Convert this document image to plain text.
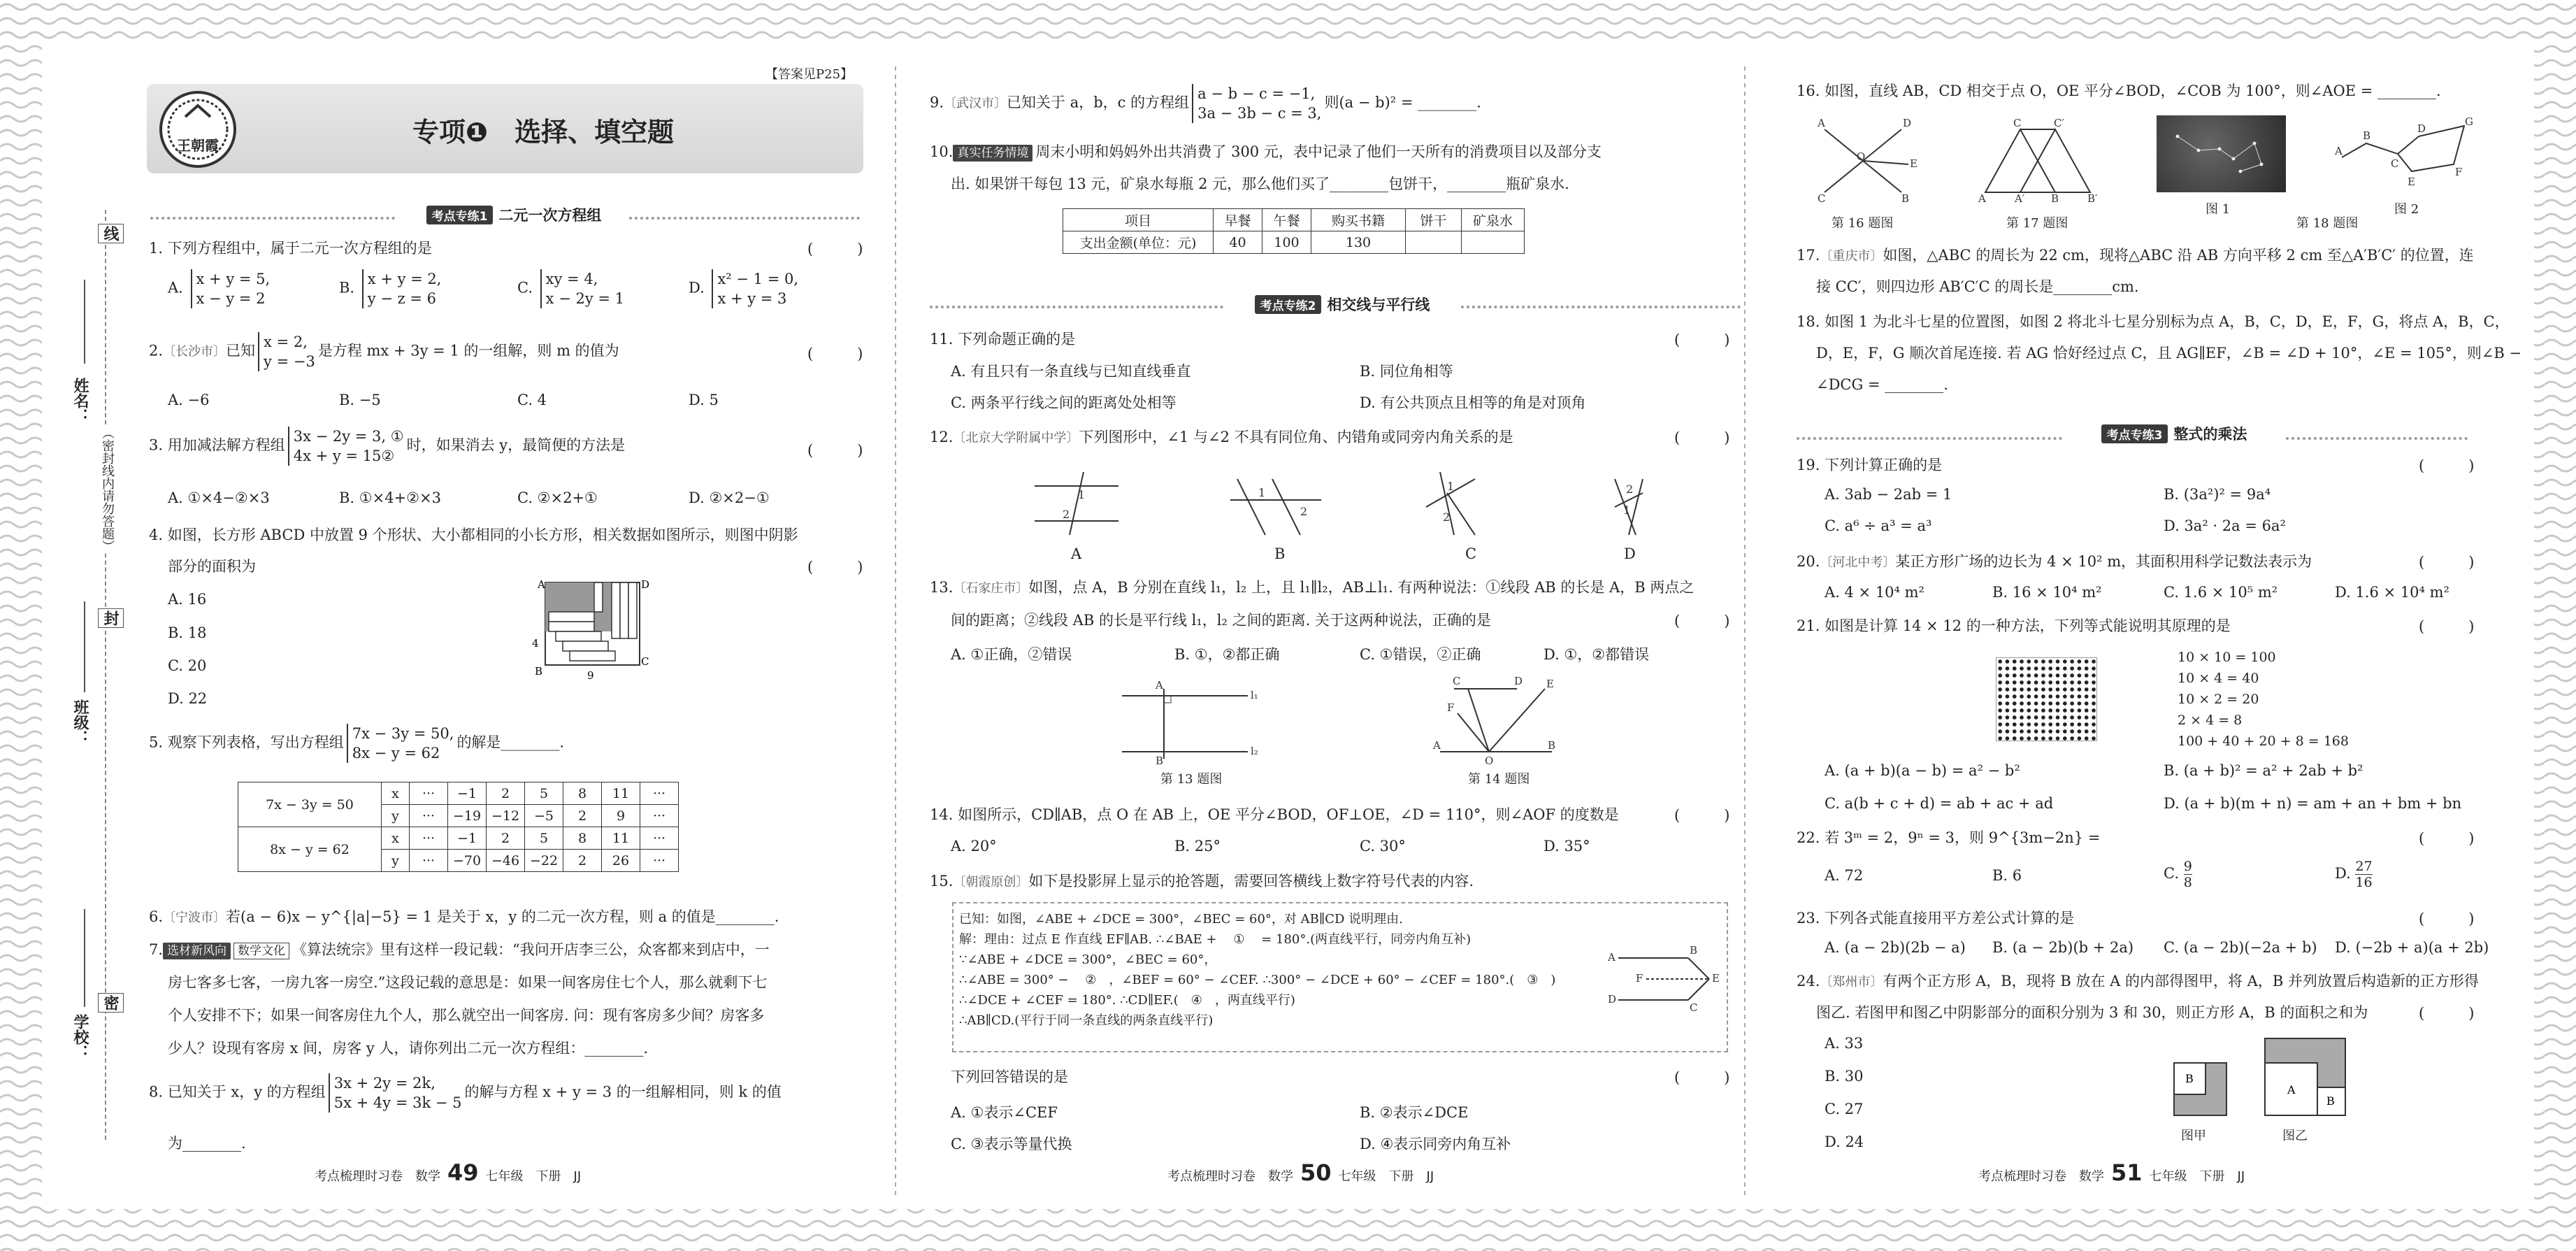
线
封
密
（密封线内请勿答题）
姓名：
班级：
学校：
【答案见P25】
王朝霞	专项❶　选择、填空题
考点专练1 二元一次方程组
1. 下列方程组中，属于二元一次方程组的是	(　　　)
A. x + y = 5,
x − y = 2
B. x + y = 2,
y − z = 6
C. xy = 4,
x − 2y = 1
D. x² − 1 = 0,
x + y = 3
2.〔长沙市〕已知x = 2,
y = −3是方程 mx + 3y = 1 的一组解，则 m 的值为	(　　　)
A. −6	B. −5	C. 4	D. 5
3. 用加减法解方程组3x − 2y = 3, ①
4x + y = 15②时，如果消去 y，最简便的方法是	(　　　)
A. ①×4−②×3	B. ①×4+②×3	C. ②×2+①	D. ②×2−①
4. 如图，长方形 ABCD 中放置 9 个形状、大小都相同的小长方形，相关数据如图所示，则图中阴影
部分的面积为	(　　　)
A. 16
B. 18
C. 20
D. 22
D
A
B
C
4
9
5. 观察下列表格，写出方程组7x − 3y = 50,
8x − y = 62的解是________.
7x − 3y = 50	x	···	−1	2	5	8	11	···
	y	···	−19	−12	−5	2	9	···
8x − y = 62	x	···	−1	2	5	8	11	···
	y	···	−70	−46	−22	2	26	···
6.〔宁波市〕若(a − 6)x − y^{|a|−5} = 1 是关于 x，y 的二元一次方程，则 a 的值是________.
7. 选材新风向 数学文化 《算法统宗》里有这样一段记载：“我问开店李三公，众客都来到店中，一
房七客多七客，一房九客一房空.”这段记载的意思是：如果一间客房住七个人，那么就剩下七
个人安排不下；如果一间客房住九个人，那么就空出一间客房. 问：现有客房多少间？房客多
少人？设现有客房 x 间，房客 y 人，请你列出二元一次方程组：________.
8. 已知关于 x，y 的方程组3x + 2y = 2k,
5x + 4y = 3k − 5的解与方程 x + y = 3 的一组解相同，则 k 的值
为________.
考点梳理时习卷　数学 49 七年级　下册　JJ
9.〔武汉市〕已知关于 a，b，c 的方程组a − b − c = −1,
3a − 3b − c = 3,则(a − b)² = ________.
10. 真实任务情境 周末小明和妈妈外出共消费了 300 元，表中记录了他们一天所有的消费项目以及部分支
出. 如果饼干每包 13 元，矿泉水每瓶 2 元，那么他们买了________包饼干，________瓶矿泉水.
项目	早餐	午餐	购买书籍	饼干	矿泉水
支出金额(单位：元)	40	100	130		
考点专练2 相交线与平行线
11. 下列命题正确的是	(　　　)
A. 有且只有一条直线与已知直线垂直	B. 同位角相等
C. 两条平行线之间的距离处处相等	D. 有公共顶点且相等的角是对顶角
12.〔北京大学附属中学〕下列图形中，∠1 与∠2 不具有同位角、内错角或同旁内角关系的是	(　　　)
1
2
1
2
1
2
2
1
A	B	C	D
13.〔石家庄市〕如图，点 A，B 分别在直线 l₁，l₂ 上，且 l₁∥l₂，AB⊥l₁. 有两种说法：①线段 AB 的长是 A，B 两点之
间的距离；②线段 AB 的长是平行线 l₁，l₂ 之间的距离. 关于这两种说法，正确的是	(　　　)
A. ①正确，②错误	B. ①，②都正确	C. ①错误，②正确	D. ①，②都错误
A
B
l₁
l₂	A
O
B
C	D E
F
第 13 题图	第 14 题图
14. 如图所示，CD∥AB，点 O 在 AB 上，OE 平分∠BOD，OF⊥OE，∠D = 110°，则∠AOF 的度数是	(　　　)
A. 20°	B. 25°	C. 30°	D. 35°
15.〔朝霞原创〕如下是投影屏上显示的抢答题，需要回答横线上数字符号代表的内容.
已知：如图，∠ABE + ∠DCE = 300°，∠BEC = 60°，对 AB∥CD 说明理由.
解：理由：过点 E 作直线 EF∥AB. ∴∠BAE + 　①　 = 180°.(两直线平行，同旁内角互补)
∵∠ABE + ∠DCE = 300°，∠BEC = 60°，
∴∠ABE = 300° − 　②　，∠BEF = 60° − ∠CEF. ∴300° − ∠DCE + 60° − ∠CEF = 180°.(　③　)
∴∠DCE + ∠CEF = 180°. ∴CD∥EF.(　④　，两直线平行)
∴AB∥CD.(平行于同一条直线的两条直线平行)
A
B
E
F
D
C
下列回答错误的是	(　　　)
A. ①表示∠CEF	B. ②表示∠DCE
C. ③表示等量代换	D. ④表示同旁内角互补
考点梳理时习卷　数学 50 七年级　下册　JJ
16. 如图，直线 AB，CD 相交于点 O，OE 平分∠BOD，∠COB 为 100°，则∠AOE = ________.
A	D
O
E
C	B	A
C	C′
A′	B	B′
A
B
C
D
G
F
E
第 16 题图	第 17 题图
图 1	图 2
第 18 题图
17.〔重庆市〕如图，△ABC 的周长为 22 cm，现将△ABC 沿 AB 方向平移 2 cm 至△A′B′C′ 的位置，连
接 CC′，则四边形 AB′C′C 的周长是________cm.
18. 如图 1 为北斗七星的位置图，如图 2 将北斗七星分别标为点 A，B，C，D，E，F，G，将点 A，B，C，
D，E，F，G 顺次首尾连接. 若 AG 恰好经过点 C，且 AG∥EF，∠B = ∠D + 10°，∠E = 105°，则∠B −
∠DCG = ________.
考点专练3 整式的乘法
19. 下列计算正确的是	(　　　)
A. 3ab − 2ab = 1	B. (3a²)² = 9a⁴
C. a⁶ ÷ a³ = a³	D. 3a² · 2a = 6a²
20.〔河北中考〕某正方形广场的边长为 4 × 10² m，其面积用科学记数法表示为	(　　　)
A. 4 × 10⁴ m²	B. 16 × 10⁴ m²	C. 1.6 × 10⁵ m²	D. 1.6 × 10⁴ m²
21. 如图是计算 14 × 12 的一种方法，下列等式能说明其原理的是	(　　　)
10 × 10 = 100
10 × 4 = 40
10 × 2 = 20
2 × 4 = 8
100 + 40 + 20 + 8 = 168
A. (a + b)(a − b) = a² − b²	B. (a + b)² = a² + 2ab + b²
C. a(b + c + d) = ab + ac + ad	D. (a + b)(m + n) = am + an + bm + bn
22. 若 3ᵐ = 2，9ⁿ = 3，则 9^{3m−2n} =	(　　　)
A. 72	B. 6	C. $\frac{9}{8}$	D. $\frac{27}{16}$
23. 下列各式能直接用平方差公式计算的是	(　　　)
A. (a − 2b)(2b − a) B. (a − 2b)(b + 2a) C. (a − 2b)(−2a + b) D. (−2b + a)(a + 2b)
24.〔郑州市〕有两个正方形 A，B，现将 B 放在 A 的内部得图甲，将 A，B 并列放置后构造新的正方形得
图乙. 若图甲和图乙中阴影部分的面积分别为 3 和 30，则正方形 A，B 的面积之和为	(　　　)
A. 33
B. 30
C. 27
D. 24
B
A
B
图甲	图乙
考点梳理时习卷　数学 51 七年级　下册　JJ
